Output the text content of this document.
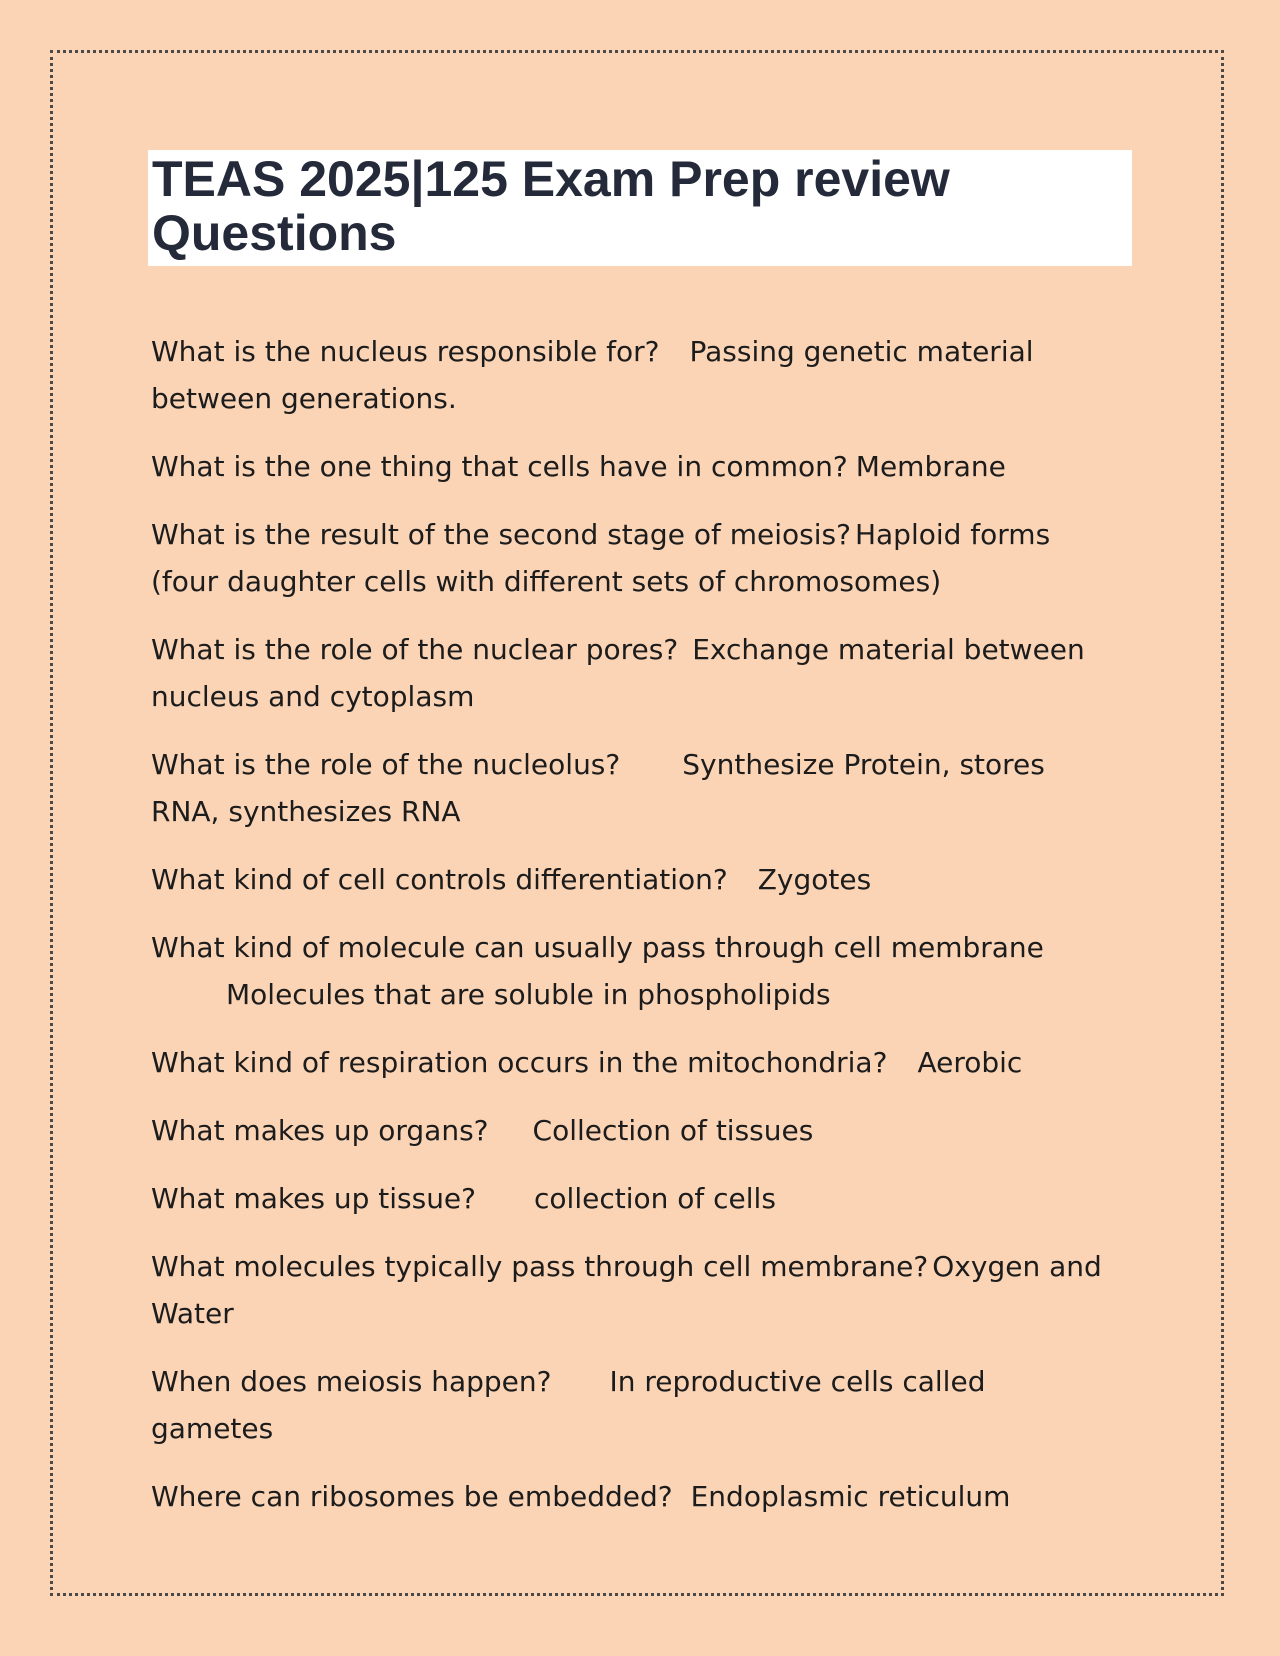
TEAS 2025|125 Exam Prep review Questions

What is the nucleus responsible for? Passing genetic material between generations.

What is the one thing that cells have in common? Membrane

What is the result of the second stage of meiosis? Haploid forms (four daughter cells with different sets of chromosomes)

What is the role of the nuclear pores? Exchange material between nucleus and cytoplasm

What is the role of the nucleolus? Synthesize Protein, stores RNA, synthesizes RNA

What kind of cell controls differentiation? Zygotes

What kind of molecule can usually pass through cell membrane
Molecules that are soluble in phospholipids

What kind of respiration occurs in the mitochondria? Aerobic

What makes up organs? Collection of tissues

What makes up tissue? collection of cells

What molecules typically pass through cell membrane? Oxygen and Water

When does meiosis happen? In reproductive cells called gametes

Where can ribosomes be embedded? Endoplasmic reticulum
